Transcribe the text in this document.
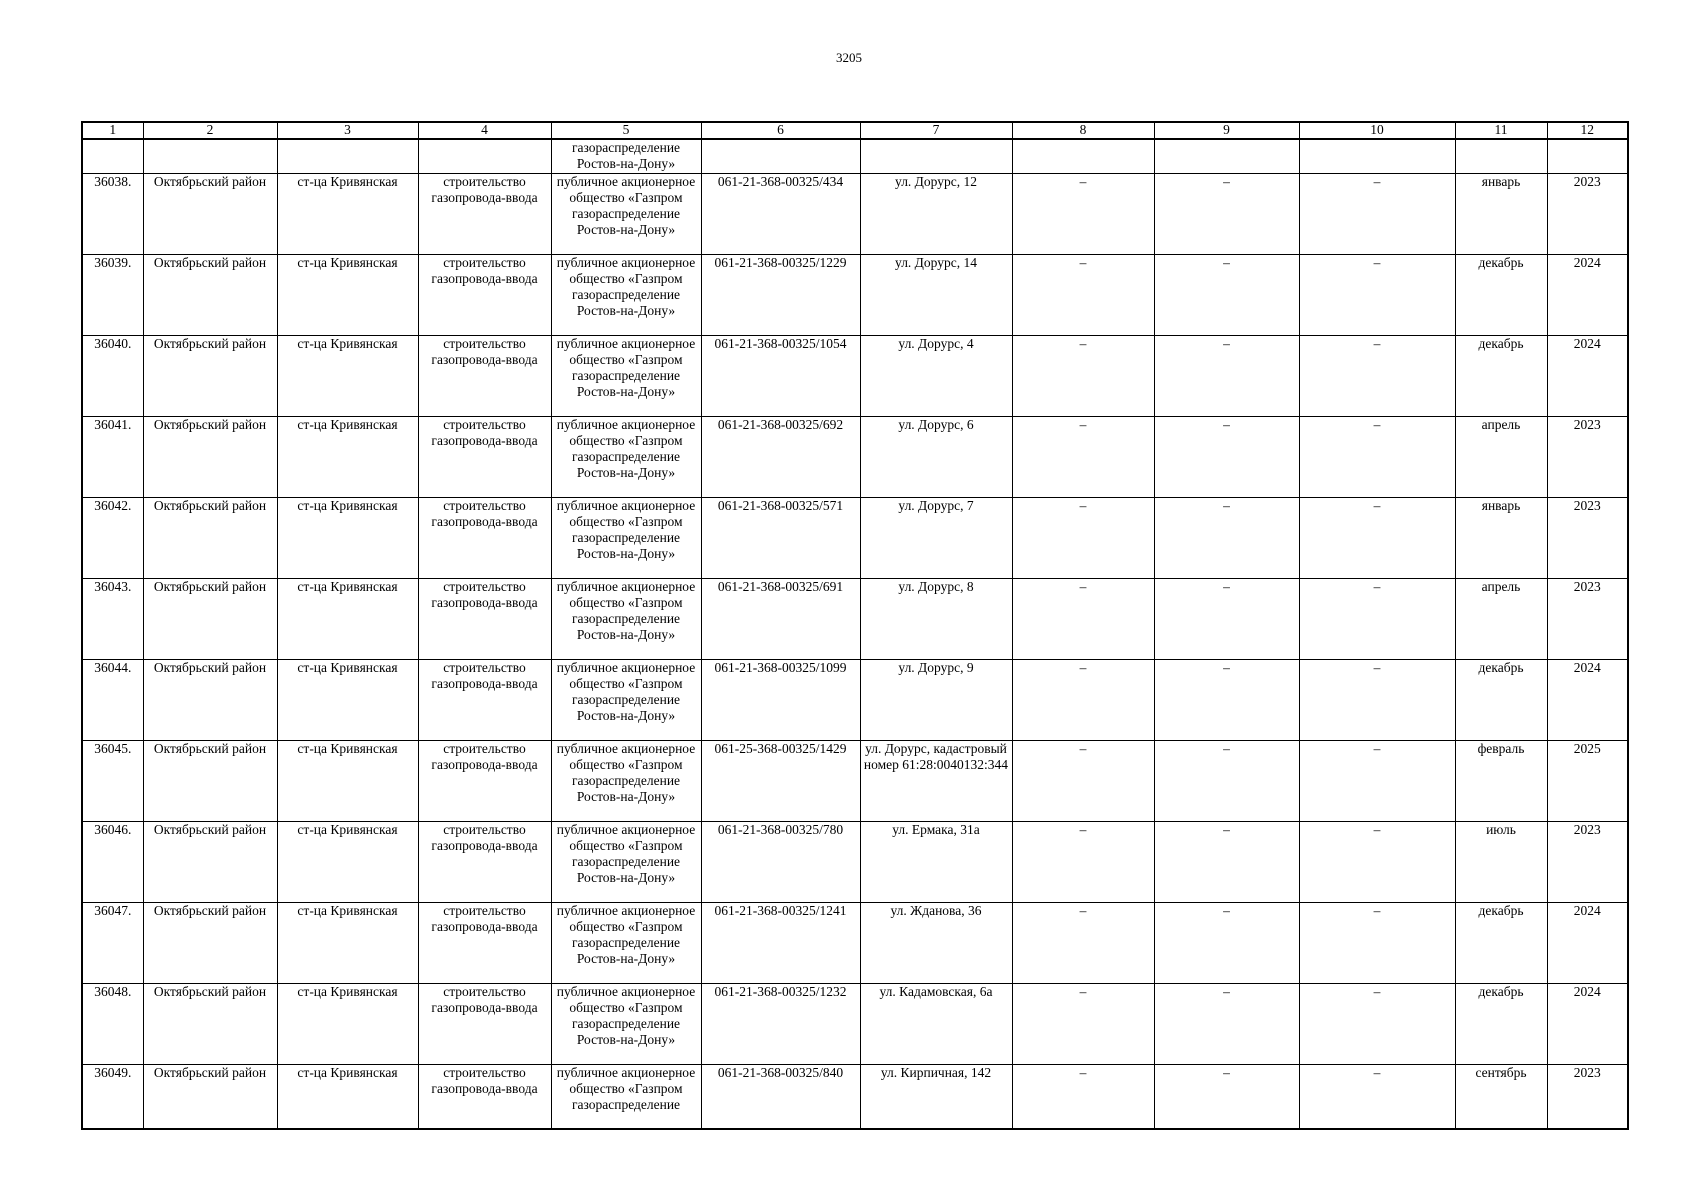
3205
1	2	3	4	5	6	7	8	9	10	11	12
				газораспределение Ростов-на-Дону»							
36038.	Октябрьский район	ст-ца Кривянская	строительство газопровода-ввода	публичное акционерное общество «Газпром газораспределение Ростов-на-Дону»	061-21-368-00325/434	ул. Дорурс, 12	–	–	–	январь	2023
36039.	Октябрьский район	ст-ца Кривянская	строительство газопровода-ввода	публичное акционерное общество «Газпром газораспределение Ростов-на-Дону»	061-21-368-00325/1229	ул. Дорурс, 14	–	–	–	декабрь	2024
36040.	Октябрьский район	ст-ца Кривянская	строительство газопровода-ввода	публичное акционерное общество «Газпром газораспределение Ростов-на-Дону»	061-21-368-00325/1054	ул. Дорурс, 4	–	–	–	декабрь	2024
36041.	Октябрьский район	ст-ца Кривянская	строительство газопровода-ввода	публичное акционерное общество «Газпром газораспределение Ростов-на-Дону»	061-21-368-00325/692	ул. Дорурс, 6	–	–	–	апрель	2023
36042.	Октябрьский район	ст-ца Кривянская	строительство газопровода-ввода	публичное акционерное общество «Газпром газораспределение Ростов-на-Дону»	061-21-368-00325/571	ул. Дорурс, 7	–	–	–	январь	2023
36043.	Октябрьский район	ст-ца Кривянская	строительство газопровода-ввода	публичное акционерное общество «Газпром газораспределение Ростов-на-Дону»	061-21-368-00325/691	ул. Дорурс, 8	–	–	–	апрель	2023
36044.	Октябрьский район	ст-ца Кривянская	строительство газопровода-ввода	публичное акционерное общество «Газпром газораспределение Ростов-на-Дону»	061-21-368-00325/1099	ул. Дорурс, 9	–	–	–	декабрь	2024
36045.	Октябрьский район	ст-ца Кривянская	строительство газопровода-ввода	публичное акционерное общество «Газпром газораспределение Ростов-на-Дону»	061-25-368-00325/1429	ул. Дорурс, кадастровый номер 61:28:0040132:344	–	–	–	февраль	2025
36046.	Октябрьский район	ст-ца Кривянская	строительство газопровода-ввода	публичное акционерное общество «Газпром газораспределение Ростов-на-Дону»	061-21-368-00325/780	ул. Ермака, 31а	–	–	–	июль	2023
36047.	Октябрьский район	ст-ца Кривянская	строительство газопровода-ввода	публичное акционерное общество «Газпром газораспределение Ростов-на-Дону»	061-21-368-00325/1241	ул. Жданова, 36	–	–	–	декабрь	2024
36048.	Октябрьский район	ст-ца Кривянская	строительство газопровода-ввода	публичное акционерное общество «Газпром газораспределение Ростов-на-Дону»	061-21-368-00325/1232	ул. Кадамовская, 6а	–	–	–	декабрь	2024
36049.	Октябрьский район	ст-ца Кривянская	строительство газопровода-ввода	публичное акционерное общество «Газпром газораспределение	061-21-368-00325/840	ул. Кирпичная, 142	–	–	–	сентябрь	2023
